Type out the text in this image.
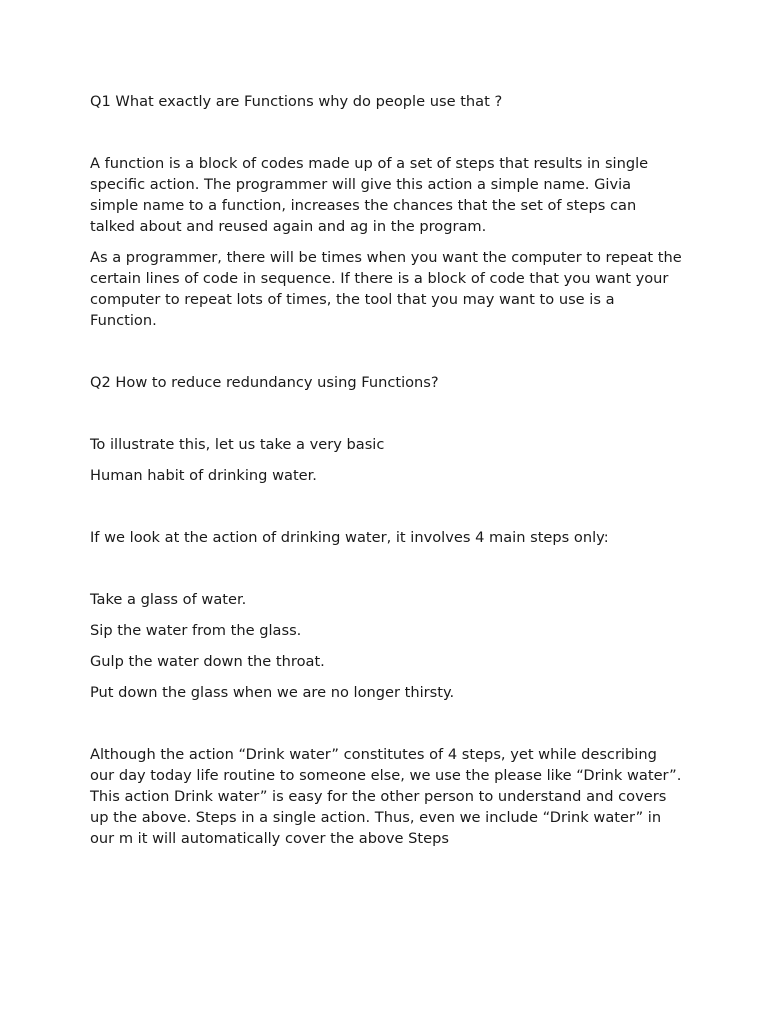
Q1 What exactly are Functions why do people use that ?

A function is a block of codes made up of a set of steps that results in single specific action. The programmer will give this action a simple name. Givia simple name to a function, increases the chances that the set of steps can talked about and reused again and ag in the program.

As a programmer, there will be times when you want the computer to repeat the certain lines of code in sequence. If there is a block of code that you want your computer to repeat lots of times, the tool that you may want to use is a Function.

Q2 How to reduce redundancy using Functions?

To illustrate this, let us take a very basic

Human habit of drinking water.

If we look at the action of drinking water, it involves 4 main steps only:

Take a glass of water.

Sip the water from the glass.

Gulp the water down the throat.

Put down the glass when we are no longer thirsty.

Although the action “Drink water” constitutes of 4 steps, yet while describing our day today life routine to someone else, we use the please like “Drink water”. This action Drink water” is easy for the other person to understand and covers up the above. Steps in a single action. Thus, even we include “Drink water” in our m it will automatically cover the above Steps
